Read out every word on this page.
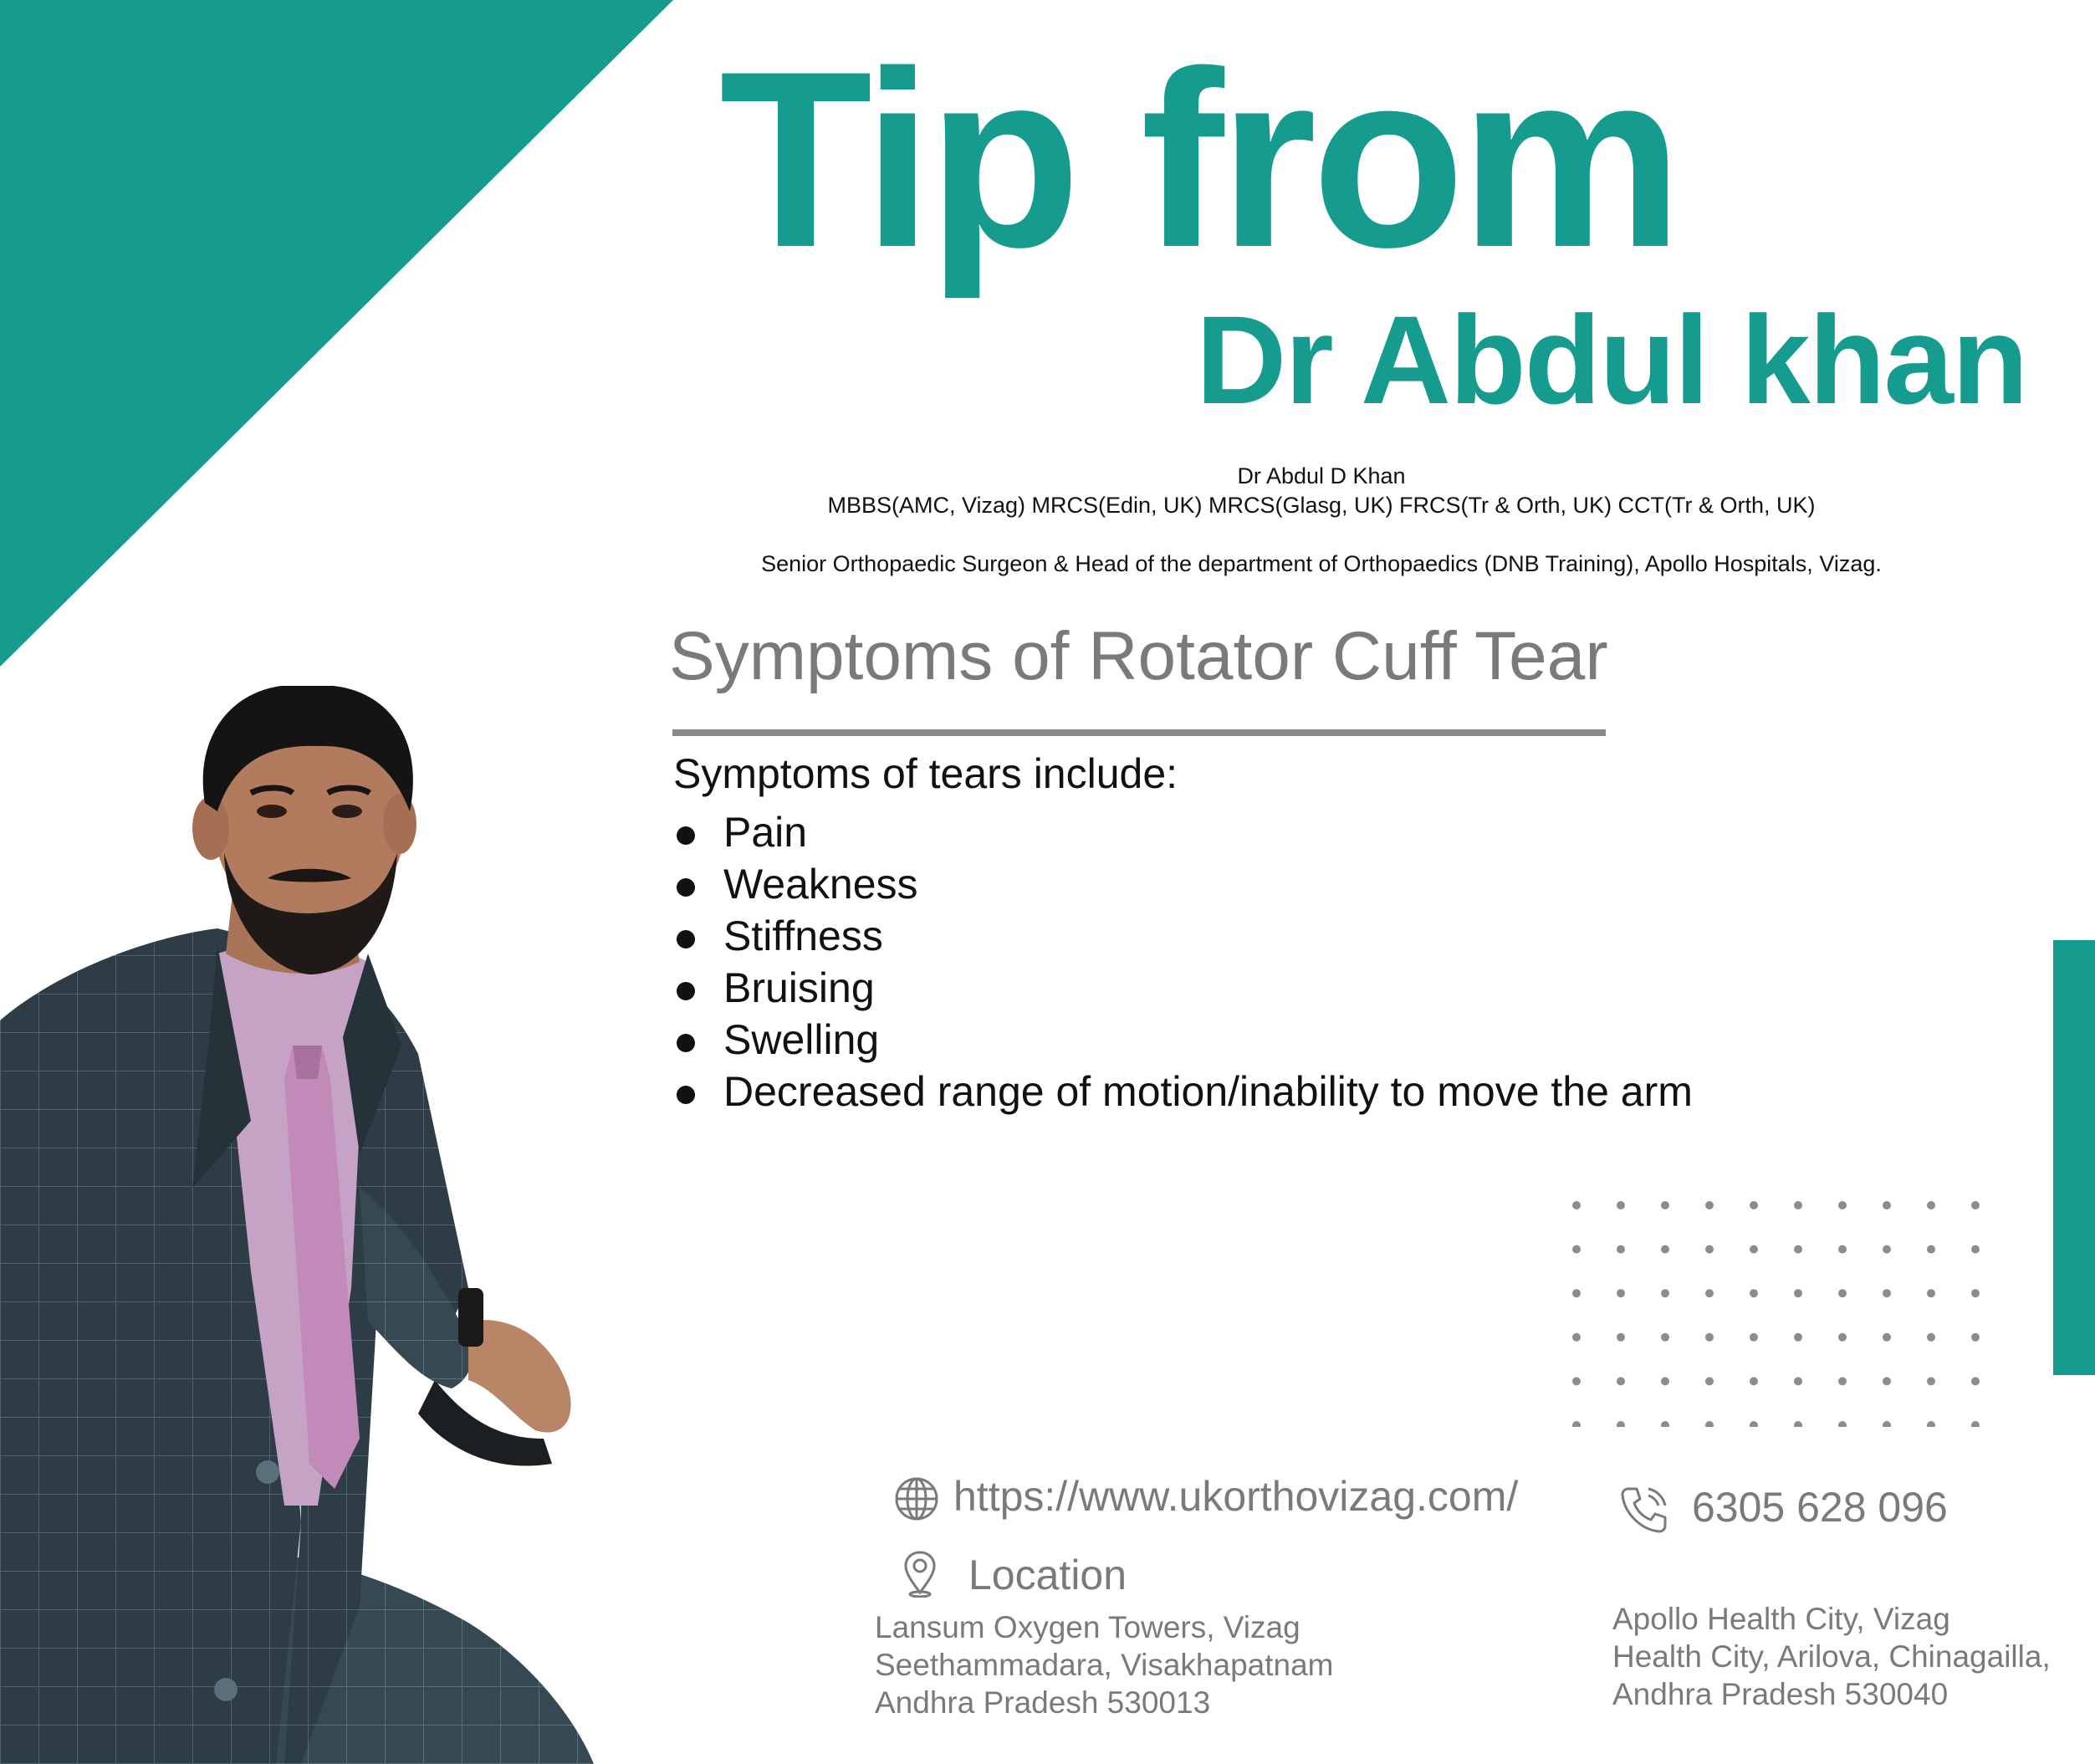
Tip from
Dr Abdul khan
Dr Abdul D Khan
MBBS(AMC, Vizag) MRCS(Edin, UK) MRCS(Glasg, UK) FRCS(Tr & Orth, UK) CCT(Tr & Orth, UK)
Senior Orthopaedic Surgeon & Head of the department of Orthopaedics (DNB Training), Apollo Hospitals, Vizag.
Symptoms of Rotator Cuff Tear
Symptoms of tears include:
Pain
Weakness
Stiffness
Bruising
Swelling
Decreased range of motion/inability to move the arm
https://www.ukorthovizag.com/	6305 628 096
Location
Lansum Oxygen Towers, Vizag
Seethammadara, Visakhapatnam
Andhra Pradesh 530013
Apollo Health City, Vizag
Health City, Arilova, Chinagailla,
Andhra Pradesh 530040
